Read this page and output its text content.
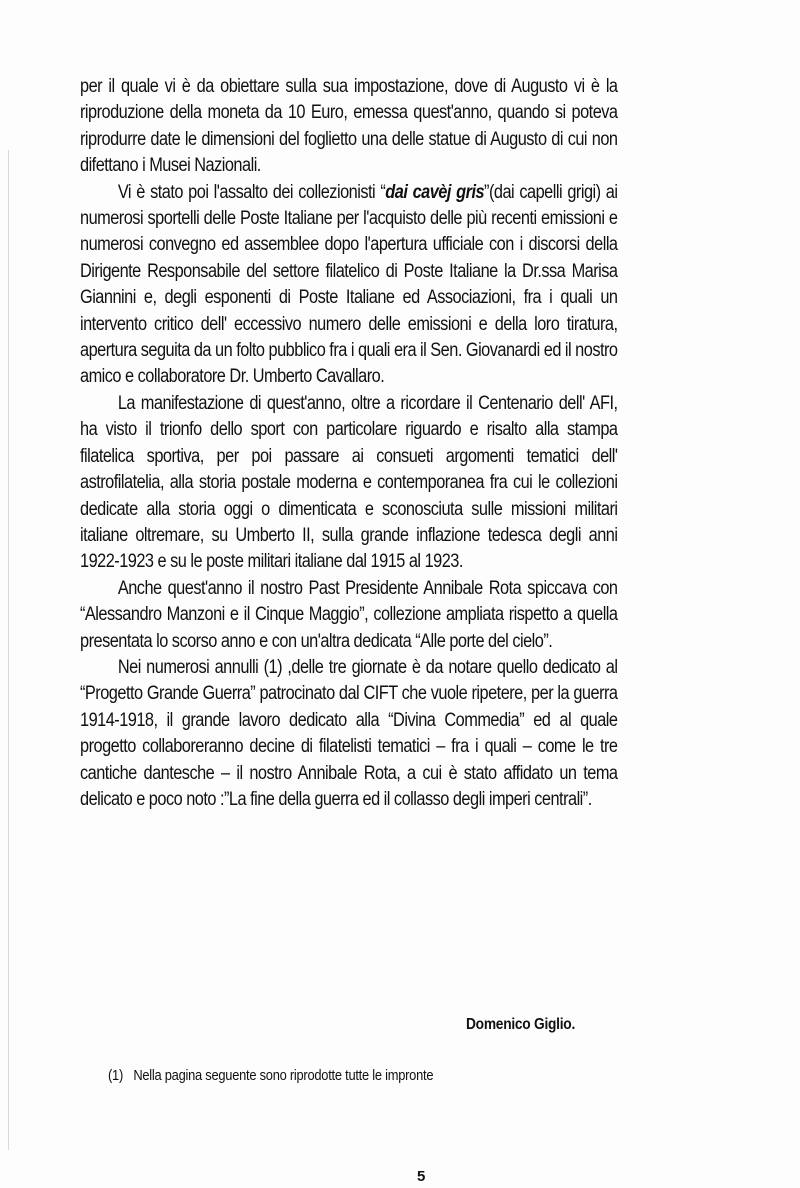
per il quale vi è da obiettare sulla sua impostazione, dove di Augusto vi è la riproduzione della moneta da 10 Euro, emessa quest'anno, quando si poteva riprodurre date le dimensioni del foglietto una delle statue di Augusto di cui non difettano i Musei Nazionali.

Vi è stato poi l'assalto dei collezionisti “dai cavèj gris”(dai capelli grigi) ai numerosi sportelli delle Poste Italiane per l'acquisto delle più recenti emissioni e numerosi convegno ed assemblee dopo l'apertura ufficiale con i discorsi della Dirigente Responsabile del settore filatelico di Poste Italiane la Dr.ssa Marisa Giannini e, degli esponenti di Poste Italiane ed Associazioni, fra i quali un intervento critico dell' eccessivo numero delle emissioni e della loro tiratura, apertura seguita da un folto pubblico fra i quali era il Sen. Giovanardi ed il nostro amico e collaboratore Dr. Umberto Cavallaro.

La manifestazione di quest'anno, oltre a ricordare il Centenario dell' AFI, ha visto il trionfo dello sport con particolare riguardo e risalto alla stampa filatelica sportiva, per poi passare ai consueti argomenti tematici dell' astrofilatelia, alla storia postale moderna e contemporanea fra cui le collezioni dedicate alla storia oggi o dimenticata e sconosciuta sulle missioni militari italiane oltremare, su Umberto II, sulla grande inflazione tedesca degli anni 1922-1923 e su le poste militari italiane dal 1915 al 1923.

Anche quest'anno il nostro Past Presidente Annibale Rota spiccava con “Alessandro Manzoni e il Cinque Maggio”, collezione ampliata rispetto a quella presentata lo scorso anno e con un'altra dedicata “Alle porte del cielo”.

Nei numerosi annulli (1) ,delle tre giornate è da notare quello dedicato al “Progetto Grande Guerra” patrocinato dal CIFT che vuole ripetere, per la guerra 1914-1918, il grande lavoro dedicato alla “Divina Commedia” ed al quale progetto collaboreranno decine di filatelisti tematici – fra i quali – come le tre cantiche dantesche – il nostro Annibale Rota, a cui è stato affidato un tema delicato e poco noto :”La fine della guerra ed il collasso degli imperi centrali”.

Domenico Giglio.
(1) Nella pagina seguente sono riprodotte tutte le impronte
5
